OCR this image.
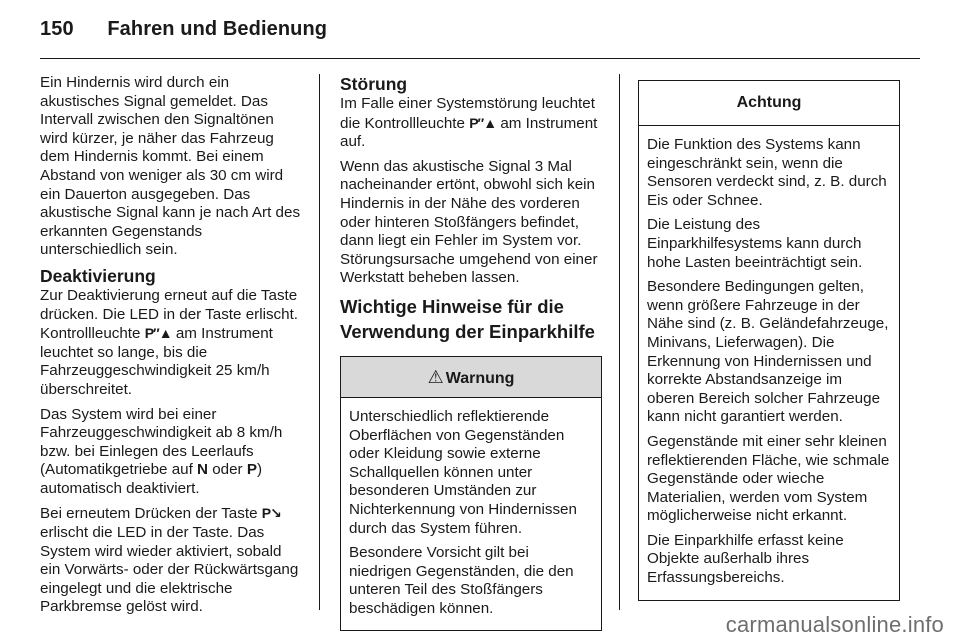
150 Fahren und Bedienung

Ein Hindernis wird durch ein akustisches Signal gemeldet. Das Intervall zwischen den Signaltönen wird kürzer, je näher das Fahrzeug dem Hindernis kommt. Bei einem Abstand von weniger als 30 cm wird ein Dauerton ausgegeben. Das akustische Signal kann je nach Art des erkannten Gegenstands unterschiedlich sein.

Deaktivierung

Zur Deaktivierung erneut auf die Taste drücken. Die LED in der Taste erlischt. Kontrollleuchte P″▲ am Instrument leuchtet so lange, bis die Fahrzeuggeschwindigkeit 25 km/h überschreitet.

Das System wird bei einer Fahrzeuggeschwindigkeit ab 8 km/h bzw. bei Einlegen des Leerlaufs (Automatikgetriebe auf N oder P) automatisch deaktiviert.

Bei erneutem Drücken der Taste P↘ erlischt die LED in der Taste. Das System wird wieder aktiviert, sobald ein Vorwärts- oder der Rückwärtsgang eingelegt und die elektrische Parkbremse gelöst wird.

Störung

Im Falle einer Systemstörung leuchtet die Kontrollleuchte P″▲ am Instrument auf.

Wenn das akustische Signal 3 Mal nacheinander ertönt, obwohl sich kein Hindernis in der Nähe des vorderen oder hinteren Stoßfängers befindet, dann liegt ein Fehler im System vor. Störungsursache umgehend von einer Werkstatt beheben lassen.

Wichtige Hinweise für die Verwendung der Einparkhilfe
⚠ Warnung

Unterschiedlich reflektierende Oberflächen von Gegenständen oder Kleidung sowie externe Schallquellen können unter besonderen Umständen zur Nichterkennung von Hindernissen durch das System führen.

Besondere Vorsicht gilt bei niedrigen Gegenständen, die den unteren Teil des Stoßfängers beschädigen können.

Achtung

Die Funktion des Systems kann eingeschränkt sein, wenn die Sensoren verdeckt sind, z. B. durch Eis oder Schnee.

Die Leistung des Einparkhilfesystems kann durch hohe Lasten beeinträchtigt sein.

Besondere Bedingungen gelten, wenn größere Fahrzeuge in der Nähe sind (z. B. Geländefahrzeuge, Minivans, Lieferwagen). Die Erkennung von Hindernissen und korrekte Abstandsanzeige im oberen Bereich solcher Fahrzeuge kann nicht garantiert werden.

Gegenstände mit einer sehr kleinen reflektierenden Fläche, wie schmale Gegenstände oder wieche Materialien, werden vom System möglicherweise nicht erkannt.

Die Einparkhilfe erfasst keine Objekte außerhalb ihres Erfassungsbereichs.

carmanualsonline.info
